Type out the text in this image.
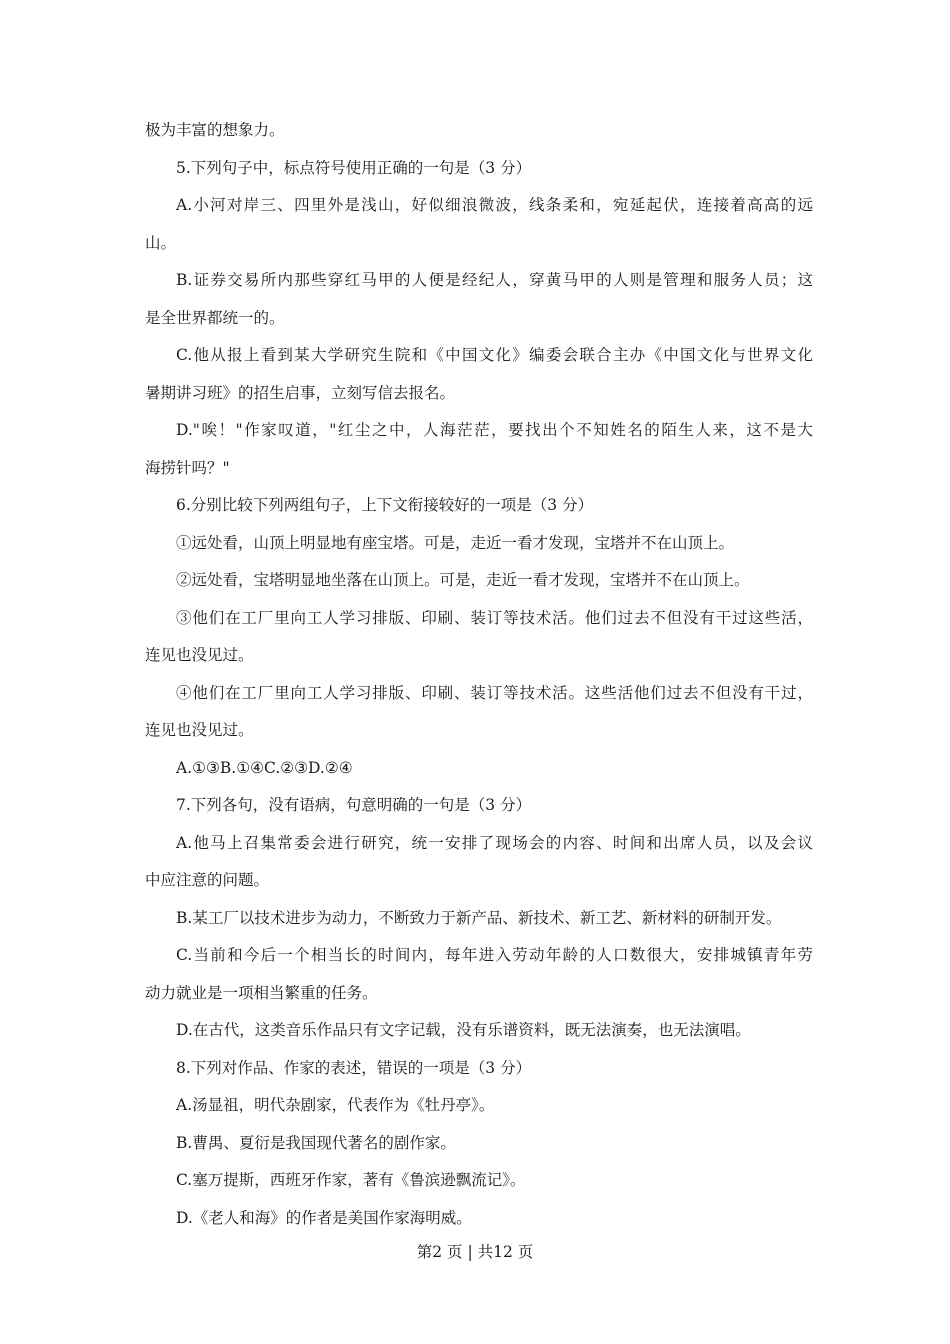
极为丰富的想象力。
5.下列句子中，标点符号使用正确的一句是（3 分）
A.小河对岸三、四里外是浅山，好似细浪微波，线条柔和，宛延起伏，连接着高高的远
山。
B.证券交易所内那些穿红马甲的人便是经纪人，穿黄马甲的人则是管理和服务人员；这
是全世界都统一的。
C.他从报上看到某大学研究生院和《中国文化》编委会联合主办《中国文化与世界文化
暑期讲习班》的招生启事，立刻写信去报名。
D."唉！"作家叹道，"红尘之中，人海茫茫，要找出个不知姓名的陌生人来，这不是大
海捞针吗？"
6.分别比较下列两组句子，上下文衔接较好的一项是（3 分）
①远处看，山顶上明显地有座宝塔。可是，走近一看才发现，宝塔并不在山顶上。
②远处看，宝塔明显地坐落在山顶上。可是，走近一看才发现，宝塔并不在山顶上。
③他们在工厂里向工人学习排版、印刷、装订等技术活。他们过去不但没有干过这些活，
连见也没见过。
④他们在工厂里向工人学习排版、印刷、装订等技术活。这些活他们过去不但没有干过，
连见也没见过。
A.①③B.①④C.②③D.②④
7.下列各句，没有语病，句意明确的一句是（3 分）
A.他马上召集常委会进行研究，统一安排了现场会的内容、时间和出席人员，以及会议
中应注意的问题。
B.某工厂以技术进步为动力，不断致力于新产品、新技术、新工艺、新材料的研制开发。
C.当前和今后一个相当长的时间内，每年进入劳动年龄的人口数很大，安排城镇青年劳
动力就业是一项相当繁重的任务。
D.在古代，这类音乐作品只有文字记载，没有乐谱资料，既无法演奏，也无法演唱。
8.下列对作品、作家的表述，错误的一项是（3 分）
A.汤显祖，明代杂剧家，代表作为《牡丹亭》。
B.曹禺、夏衍是我国现代著名的剧作家。
C.塞万提斯，西班牙作家，著有《鲁滨逊飘流记》。
D.《老人和海》的作者是美国作家海明威。
第2 页 | 共12 页
